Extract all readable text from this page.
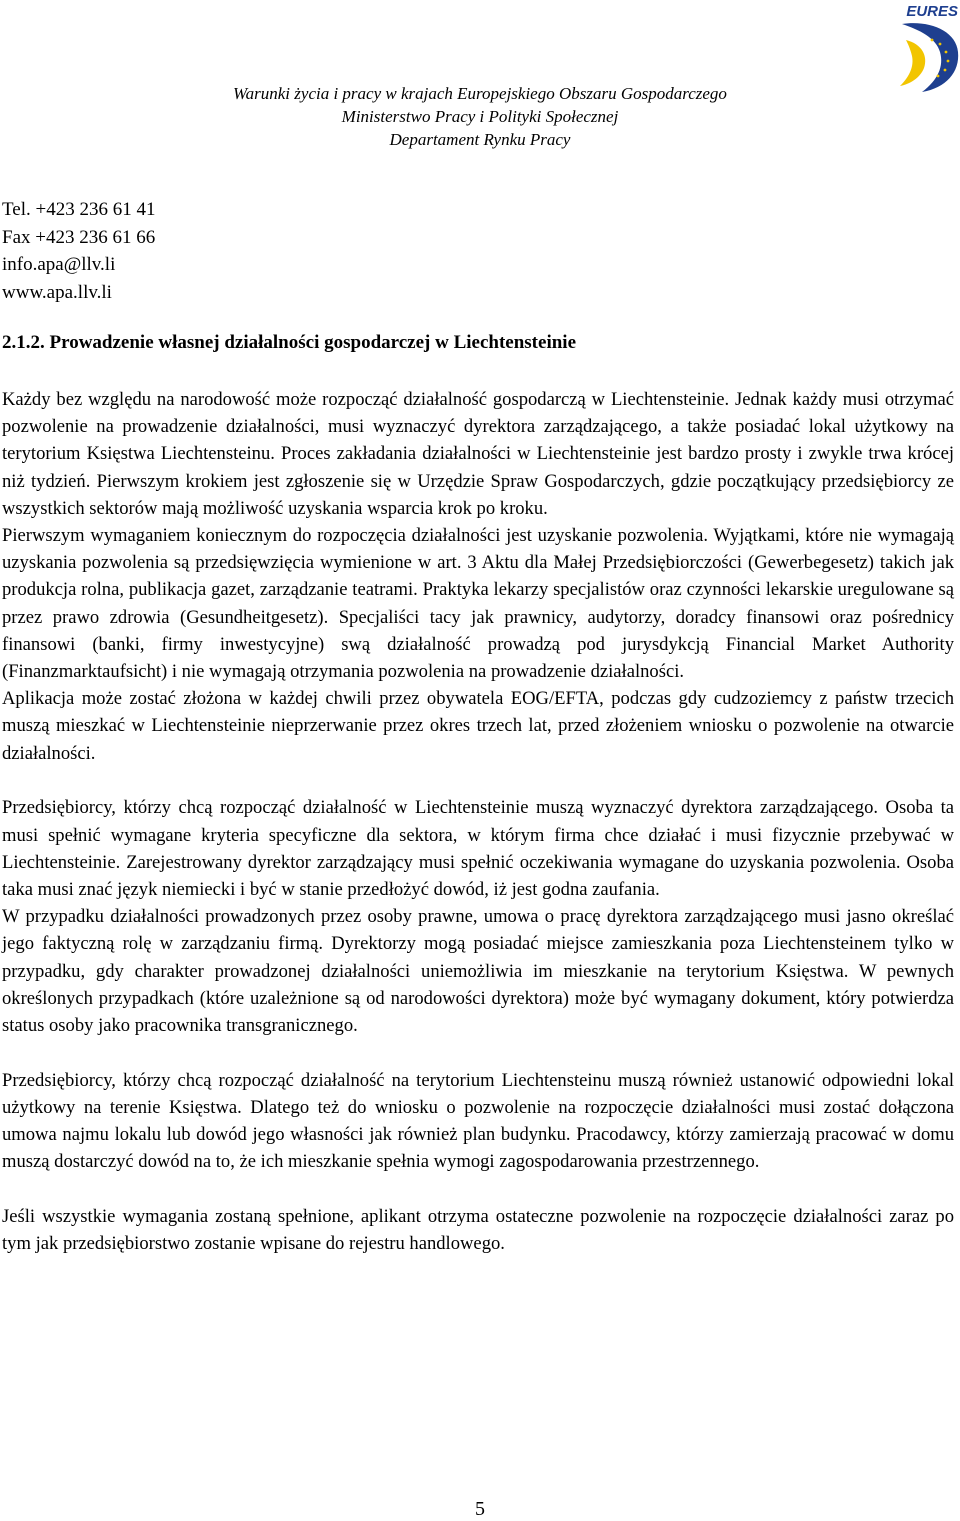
EURES
Warunki życia i pracy w krajach Europejskiego Obszaru Gospodarczego
Ministerstwo Pracy i Polityki Społecznej
Departament Rynku Pracy
Tel. +423 236 61 41
Fax +423 236 61 66
info.apa@llv.li
www.apa.llv.li
2.1.2. Prowadzenie własnej działalności gospodarczej w Liechtensteinie

Każdy bez względu na narodowość może rozpocząć działalność gospodarczą w Liechtensteinie. Jednak każdy musi otrzymać pozwolenie na prowadzenie działalności, musi wyznaczyć dyrektora zarządzającego, a także posiadać lokal użytkowy na terytorium Księstwa Liechtensteinu. Proces zakładania działalności w Liechtensteinie jest bardzo prosty i zwykle trwa krócej niż tydzień. Pierwszym krokiem jest zgłoszenie się w Urzędzie Spraw Gospodarczych, gdzie początkujący przedsiębiorcy ze wszystkich sektorów mają możliwość uzyskania wsparcia krok po kroku.

Pierwszym wymaganiem koniecznym do rozpoczęcia działalności jest uzyskanie pozwolenia. Wyjątkami, które nie wymagają uzyskania pozwolenia są przedsięwzięcia wymienione w art. 3 Aktu dla Małej Przedsiębiorczości (Gewerbegesetz) takich jak produkcja rolna, publikacja gazet, zarządzanie teatrami. Praktyka lekarzy specjalistów oraz czynności lekarskie uregulowane są przez prawo zdrowia (Gesundheitgesetz). Specjaliści tacy jak prawnicy, audytorzy, doradcy finansowi oraz pośrednicy finansowi (banki, firmy inwestycyjne) swą działalność prowadzą pod jurysdykcją Financial Market Authority (Finanzmarktaufsicht) i nie wymagają otrzymania pozwolenia na prowadzenie działalności.

Aplikacja może zostać złożona w każdej chwili przez obywatela EOG/EFTA, podczas gdy cudzoziemcy z państw trzecich muszą mieszkać w Liechtensteinie nieprzerwanie przez okres trzech lat, przed złożeniem wniosku o pozwolenie na otwarcie działalności.

Przedsiębiorcy, którzy chcą rozpocząć działalność w Liechtensteinie muszą wyznaczyć dyrektora zarządzającego. Osoba ta musi spełnić wymagane kryteria specyficzne dla sektora, w którym firma chce działać i musi fizycznie przebywać w Liechtensteinie. Zarejestrowany dyrektor zarządzający musi spełnić oczekiwania wymagane do uzyskania pozwolenia. Osoba taka musi znać język niemiecki i być w stanie przedłożyć dowód, iż jest godna zaufania.

W przypadku działalności prowadzonych przez osoby prawne, umowa o pracę dyrektora zarządzającego musi jasno określać jego faktyczną rolę w zarządzaniu firmą. Dyrektorzy mogą posiadać miejsce zamieszkania poza Liechtensteinem tylko w przypadku, gdy charakter prowadzonej działalności uniemożliwia im mieszkanie na terytorium Księstwa. W pewnych określonych przypadkach (które uzależnione są od narodowości dyrektora) może być wymagany dokument, który potwierdza status osoby jako pracownika transgranicznego.

Przedsiębiorcy, którzy chcą rozpocząć działalność na terytorium Liechtensteinu muszą również ustanowić odpowiedni lokal użytkowy na terenie Księstwa. Dlatego też do wniosku o pozwolenie na rozpoczęcie działalności musi zostać dołączona umowa najmu lokalu lub dowód jego własności jak również plan budynku. Pracodawcy, którzy zamierzają pracować w domu muszą dostarczyć dowód na to, że ich mieszkanie spełnia wymogi zagospodarowania przestrzennego.

Jeśli wszystkie wymagania zostaną spełnione, aplikant otrzyma ostateczne pozwolenie na rozpoczęcie działalności zaraz po tym jak przedsiębiorstwo zostanie wpisane do rejestru handlowego.

5
